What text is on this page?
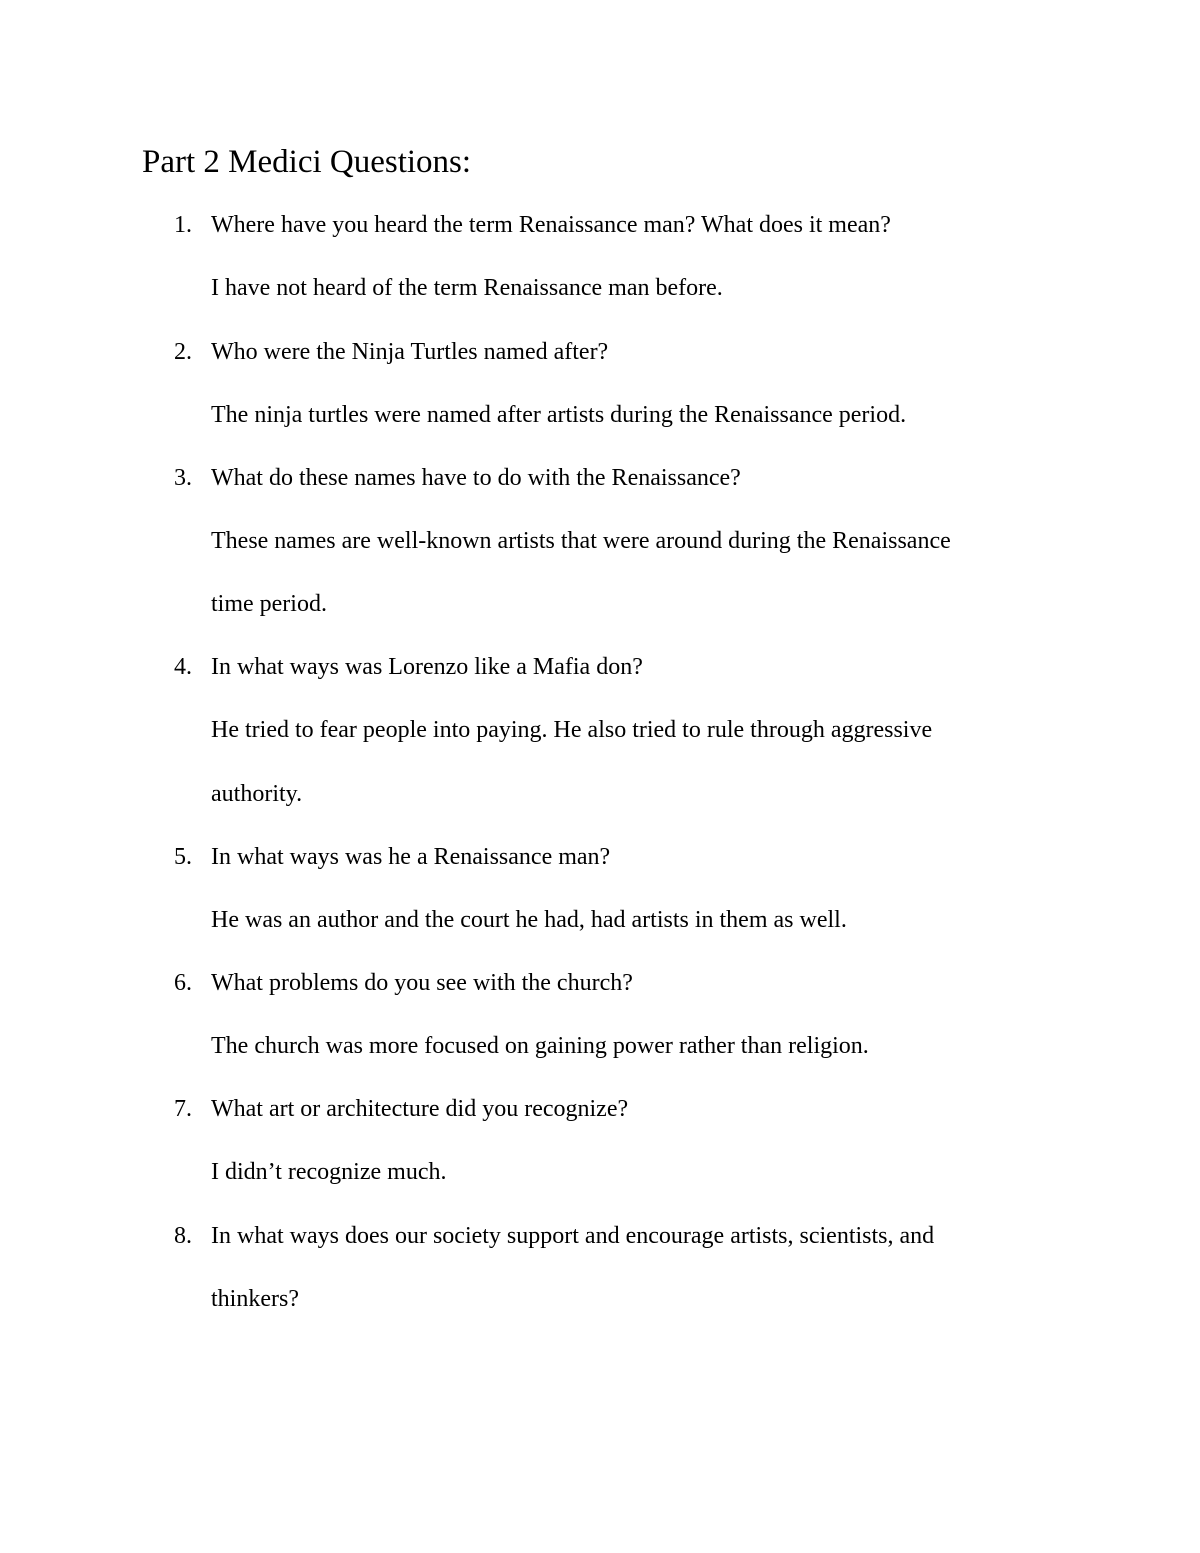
Part 2 Medici Questions:
1. Where have you heard the term Renaissance man? What does it mean?
I have not heard of the term Renaissance man before.
2. Who were the Ninja Turtles named after?
The ninja turtles were named after artists during the Renaissance period.
3. What do these names have to do with the Renaissance?
These names are well-known artists that were around during the Renaissance
time period.
4. In what ways was Lorenzo like a Mafia don?
He tried to fear people into paying. He also tried to rule through aggressive
authority.
5. In what ways was he a Renaissance man?
He was an author and the court he had, had artists in them as well.
6. What problems do you see with the church?
The church was more focused on gaining power rather than religion.
7. What art or architecture did you recognize?
I didn’t recognize much.
8. In what ways does our society support and encourage artists, scientists, and
thinkers?
